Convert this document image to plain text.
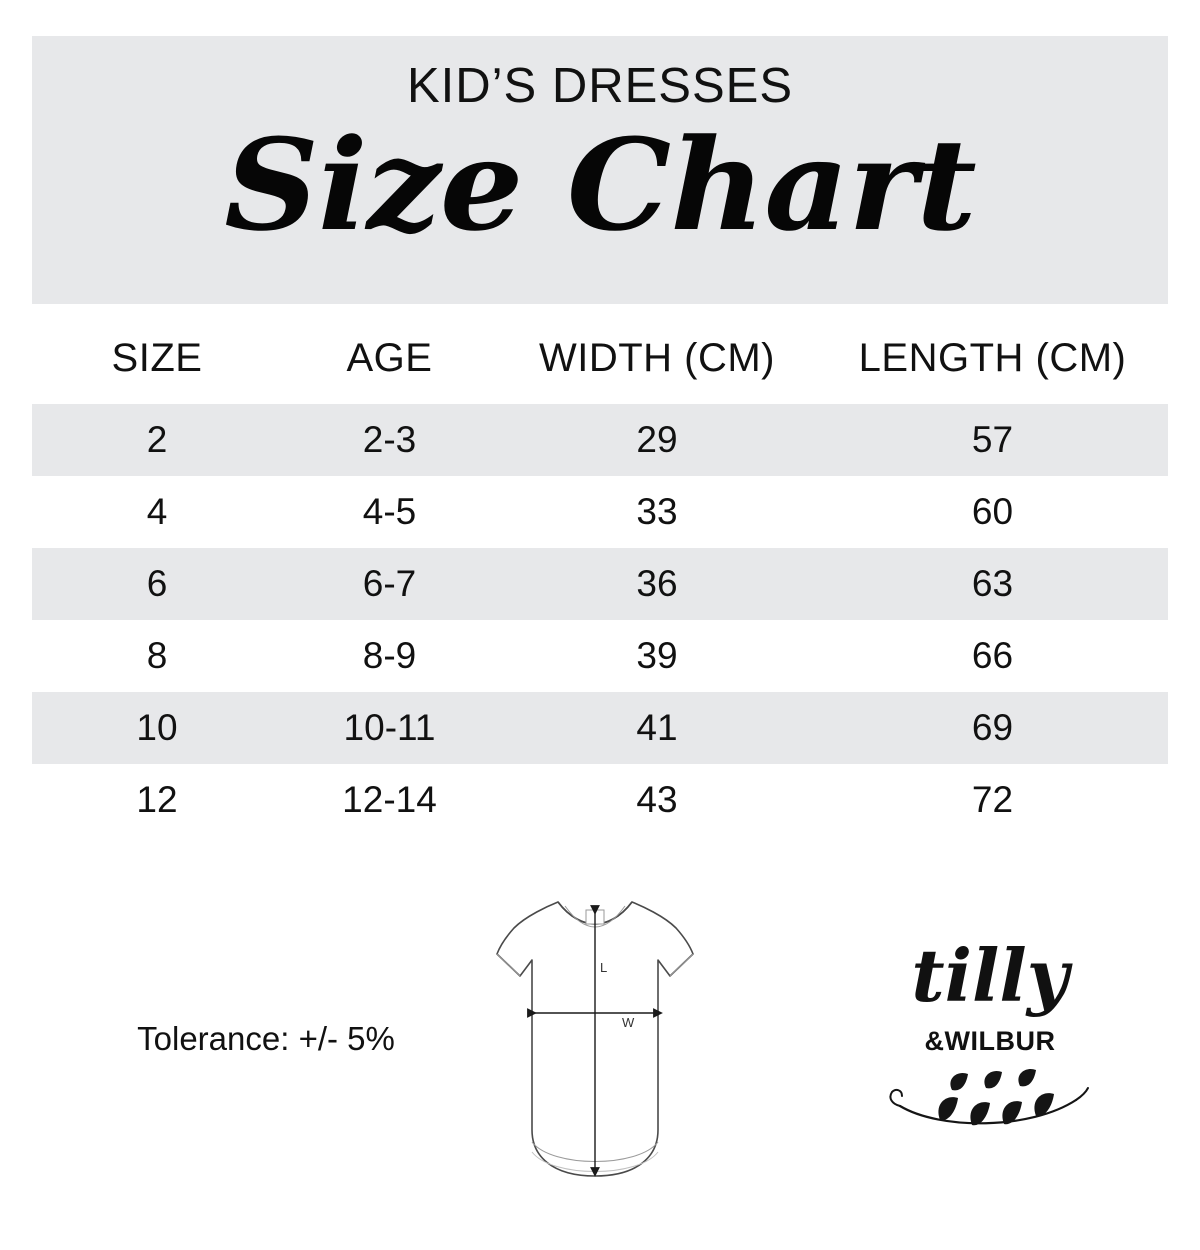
KID’S DRESSES
Size Chart
SIZE	AGE	WIDTH (CM)	LENGTH (CM)
2	2-3	29	57
4	4-5	33	60
6	6-7	36	63
8	8-9	39	66
10	10-11	41	69
12	12-14	43	72
Tolerance: +/- 5%
L
W
tilly
&WILBUR
